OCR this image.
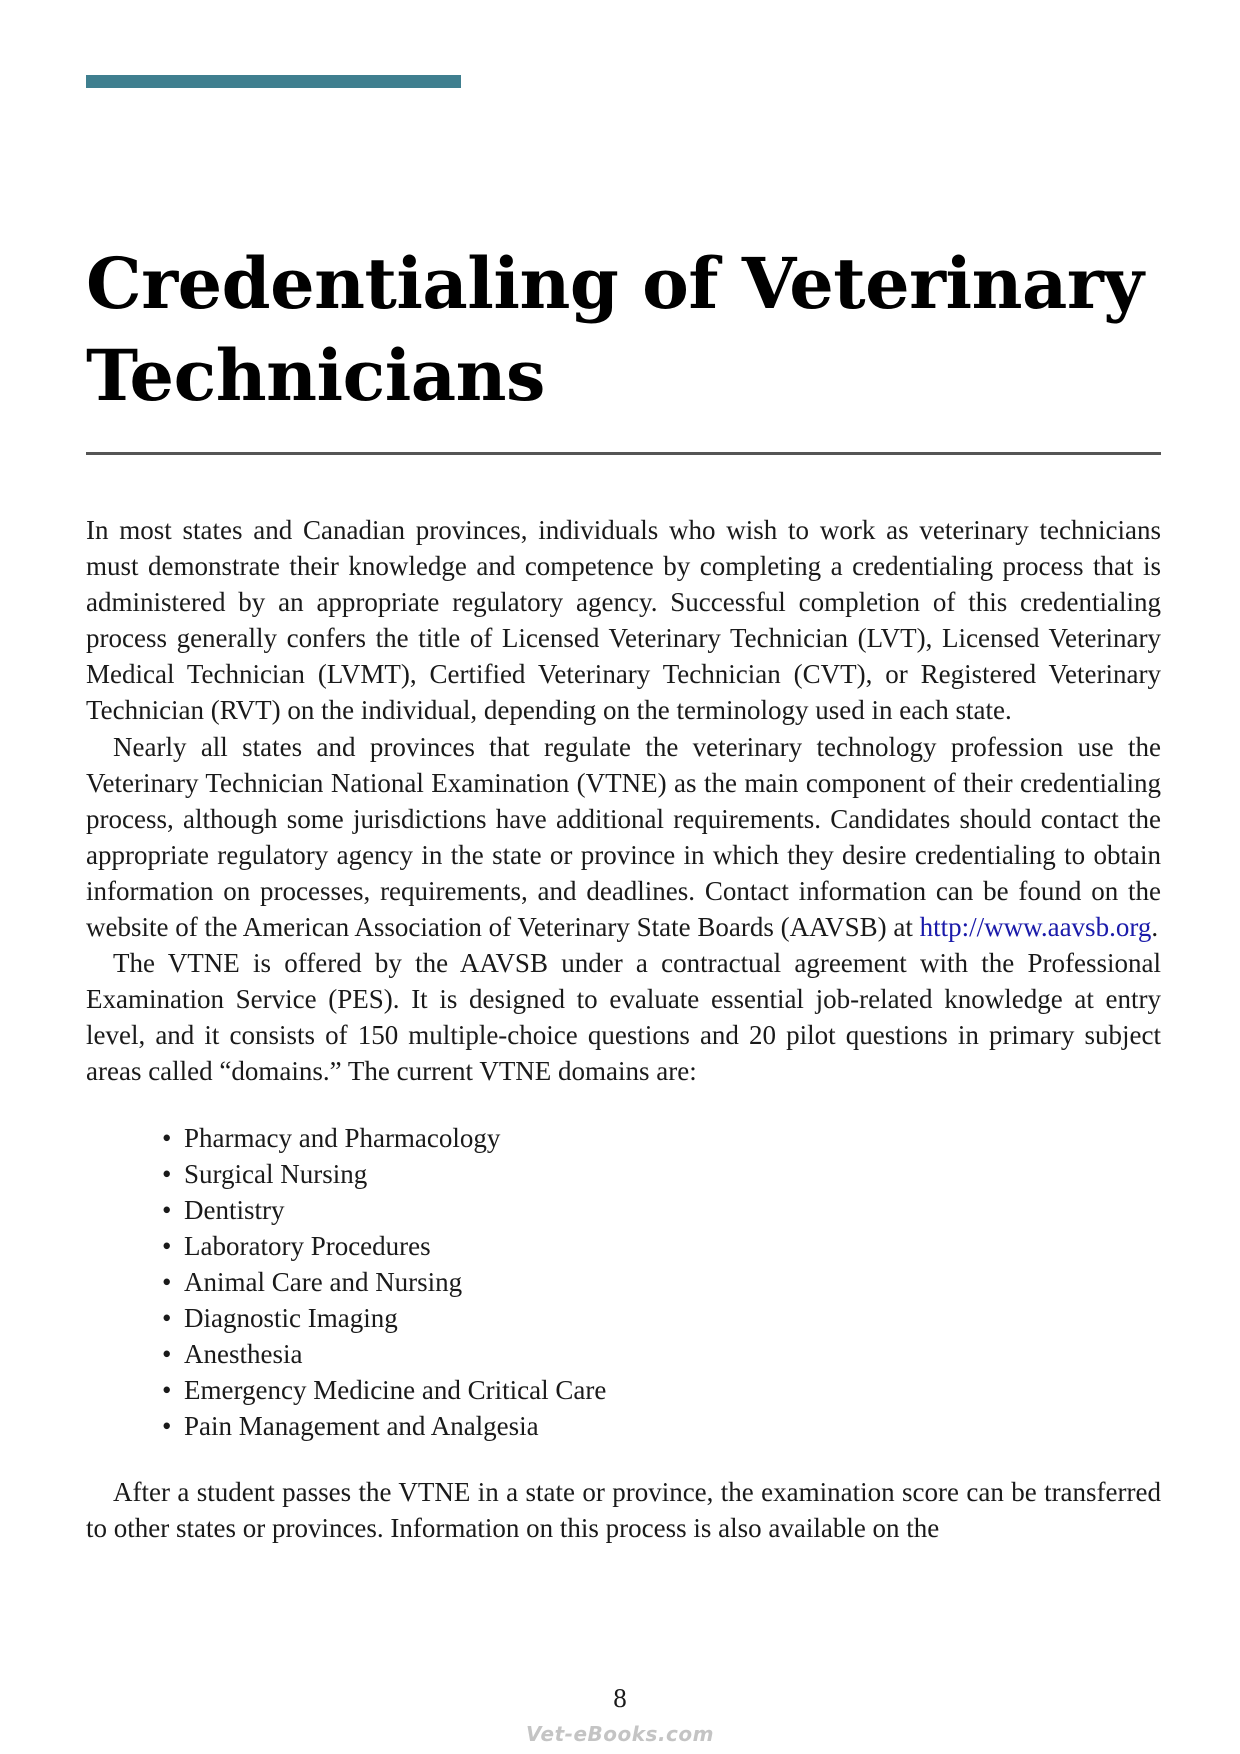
Credentialing of Veterinary Technicians

In most states and Canadian provinces, individuals who wish to work as veterinary technicians must demonstrate their knowledge and competence by completing a credentialing process that is administered by an appropriate regulatory agency. Successful completion of this credentialing process generally confers the title of Licensed Veterinary Technician (LVT), Licensed Veterinary Medical Technician (LVMT), Certified Veterinary Technician (CVT), or Registered Veterinary Technician (RVT) on the individual, depending on the terminology used in each state.

Nearly all states and provinces that regulate the veterinary technology profession use the Veterinary Technician National Examination (VTNE) as the main component of their credentialing process, although some jurisdictions have additional requirements. Candidates should contact the appropriate regulatory agency in the state or province in which they desire credentialing to obtain information on processes, requirements, and deadlines. Contact information can be found on the website of the American Association of Veterinary State Boards (AAVSB) at http://www.aavsb.org.

The VTNE is offered by the AAVSB under a contractual agreement with the Professional Examination Service (PES). It is designed to evaluate essential job-related knowledge at entry level, and it consists of 150 multiple-choice questions and 20 pilot questions in primary subject areas called “domains.” The current VTNE domains are:

• Pharmacy and Pharmacology
• Surgical Nursing
• Dentistry
• Laboratory Procedures
• Animal Care and Nursing
• Diagnostic Imaging
• Anesthesia
• Emergency Medicine and Critical Care
• Pain Management and Analgesia

After a student passes the VTNE in a state or province, the examination score can be transferred to other states or provinces. Information on this process is also available on the

8
Vet-eBooks.com
